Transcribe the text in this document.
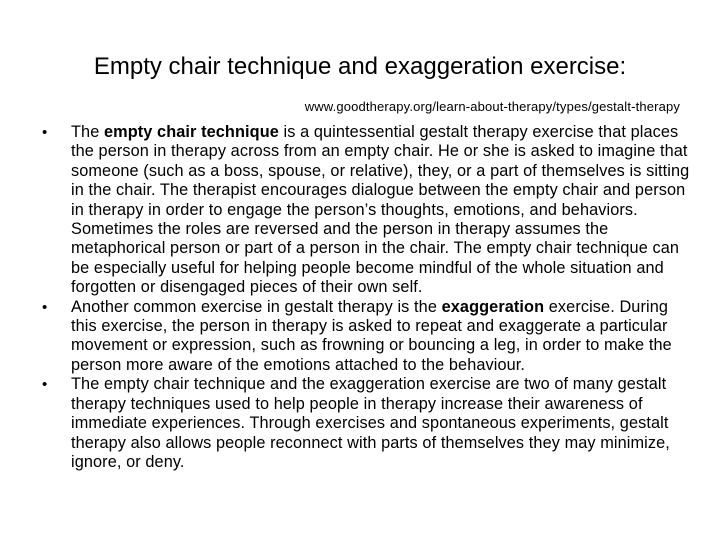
Empty chair technique and exaggeration exercise:
www.goodtherapy.org/learn-about-therapy/types/gestalt-therapy
•	The empty chair technique is a quintessential gestalt therapy exercise that places the person in therapy across from an empty chair. He or she is asked to imagine that someone (such as a boss, spouse, or relative), they, or a part of themselves is sitting in the chair. The therapist encourages dialogue between the empty chair and person in therapy in order to engage the person’s thoughts, emotions, and behaviors. Sometimes the roles are reversed and the person in therapy assumes the metaphorical person or part of a person in the chair. The empty chair technique can be especially useful for helping people become mindful of the whole situation and forgotten or disengaged pieces of their own self.
•	Another common exercise in gestalt therapy is the exaggeration exercise. During this exercise, the person in therapy is asked to repeat and exaggerate a particular movement or expression, such as frowning or bouncing a leg, in order to make the person more aware of the emotions attached to the behaviour.
•	The empty chair technique and the exaggeration exercise are two of many gestalt therapy techniques used to help people in therapy increase their awareness of immediate experiences. Through exercises and spontaneous experiments, gestalt therapy also allows people reconnect with parts of themselves they may minimize, ignore, or deny.
